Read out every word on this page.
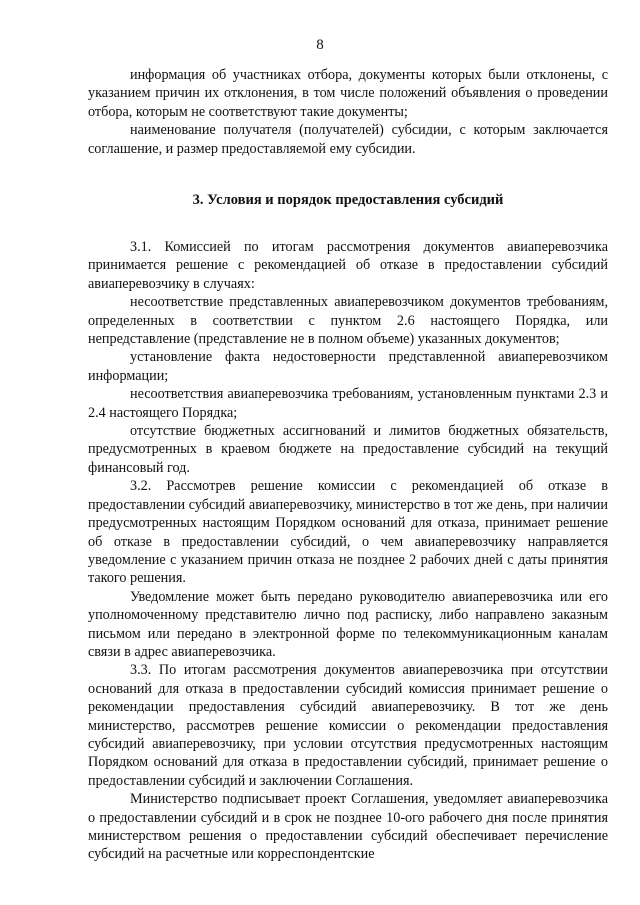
8

информация об участниках отбора, документы которых были отклонены, с указанием причин их отклонения, в том числе положений объявления о проведении отбора, которым не соответствуют такие документы;

наименование получателя (получателей) субсидии, с которым заключается соглашение, и размер предоставляемой ему субсидии.

3. Условия и порядок предоставления субсидий

3.1. Комиссией по итогам рассмотрения документов авиаперевозчика принимается решение с рекомендацией об отказе в предоставлении субсидий авиаперевозчику в случаях:

несоответствие представленных авиаперевозчиком документов требованиям, определенных в соответствии с пунктом 2.6 настоящего Порядка, или непредставление (представление не в полном объеме) указанных документов;

установление факта недостоверности представленной авиаперевозчиком информации;

несоответствия авиаперевозчика требованиям, установленным пунктами 2.3 и 2.4 настоящего Порядка;

отсутствие бюджетных ассигнований и лимитов бюджетных обязательств, предусмотренных в краевом бюджете на предоставление субсидий на текущий финансовый год.

3.2. Рассмотрев решение комиссии с рекомендацией об отказе в предоставлении субсидий авиаперевозчику, министерство в тот же день, при наличии предусмотренных настоящим Порядком оснований для отказа, принимает решение об отказе в предоставлении субсидий, о чем авиаперевозчику направляется уведомление с указанием причин отказа не позднее 2 рабочих дней с даты принятия такого решения.

Уведомление может быть передано руководителю авиаперевозчика или его уполномоченному представителю лично под расписку, либо направлено заказным письмом или передано в электронной форме по телекоммуникационным каналам связи в адрес авиаперевозчика.

3.3. По итогам рассмотрения документов авиаперевозчика при отсутствии оснований для отказа в предоставлении субсидий комиссия принимает решение о рекомендации предоставления субсидий авиаперевозчику. В тот же день министерство, рассмотрев решение комиссии о рекомендации предоставления субсидий авиаперевозчику, при условии отсутствия предусмотренных настоящим Порядком оснований для отказа в предоставлении субсидий, принимает решение о предоставлении субсидий и заключении Соглашения.

Министерство подписывает проект Соглашения, уведомляет авиаперевозчика о предоставлении субсидий и в срок не позднее 10-ого рабочего дня после принятия министерством решения о предоставлении субсидий обеспечивает перечисление субсидий на расчетные или корреспондентские
